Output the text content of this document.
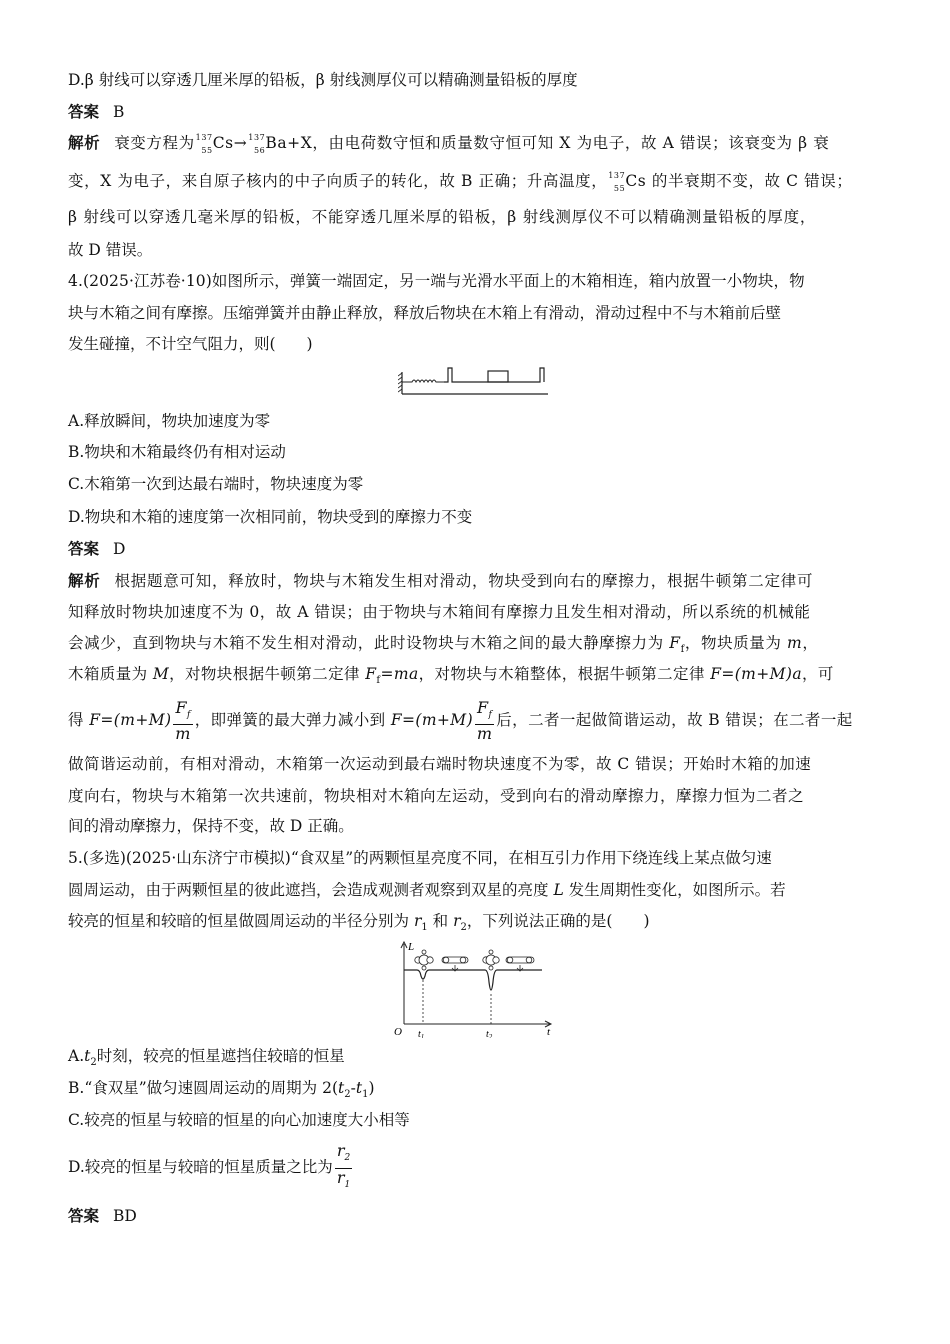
D.β 射线可以穿透几厘米厚的铅板，β 射线测厚仪可以精确测量铅板的厚度
答案 B
解析 衰变方程为 137
55 Cs→ 137
56 Ba+X，由电荷数守恒和质量数守恒可知 X 为电子，故 A 错误；该衰变为 β 衰
变，X 为电子，来自原子核内的中子向质子的转化，故 B 正确；升高温度， 137
55 Cs 的半衰期不变，故 C 错误；
β 射线可以穿透几毫米厚的铅板，不能穿透几厘米厚的铅板，β 射线测厚仪不可以精确测量铅板的厚度，
故 D 错误。
4.(2025·江苏卷·10)如图所示，弹簧一端固定，另一端与光滑水平面上的木箱相连，箱内放置一小物块，物
块与木箱之间有摩擦。压缩弹簧并由静止释放，释放后物块在木箱上有滑动，滑动过程中不与木箱前后壁
发生碰撞，不计空气阻力，则(　　)
A.释放瞬间，物块加速度为零
B.物块和木箱最终仍有相对运动
C.木箱第一次到达最右端时，物块速度为零
D.物块和木箱的速度第一次相同前，物块受到的摩擦力不变
答案 D
解析 根据题意可知，释放时，物块与木箱发生相对滑动，物块受到向右的摩擦力，根据牛顿第二定律可
知释放时物块加速度不为 0，故 A 错误；由于物块与木箱间有摩擦力且发生相对滑动，所以系统的机械能
会减少，直到物块与木箱不发生相对滑动，此时设物块与木箱之间的最大静摩擦力为 $F_f$，物块质量为 m，
木箱质量为 M，对物块根据牛顿第二定律 $F_f=ma$，对物块与木箱整体，根据牛顿第二定律 F=(m+M)a，可
得 $F=(m+M) \frac{F_f}{m}$ ，即弹簧的最大弹力减小到 $F=(m+M) \frac{F_f}{m}$ 后，二者一起做简谐运动，故 B 错误；在二者一起
做简谐运动前，有相对滑动，木箱第一次运动到最右端时物块速度不为零，故 C 错误；开始时木箱的加速
度向右，物块与木箱第一次共速前，物块相对木箱向左运动，受到向右的滑动摩擦力，摩擦力恒为二者之
间的滑动摩擦力，保持不变，故 D 正确。
5.(多选)(2025·山东济宁市模拟)“食双星”的两颗恒星亮度不同，在相互引力作用下绕连线上某点做匀速
圆周运动，由于两颗恒星的彼此遮挡，会造成观测者观察到双星的亮度 L 发生周期性变化，如图所示。若
较亮的恒星和较暗的恒星做圆周运动的半径分别为 $r_1$ 和 $r_2$，下列说法正确的是(　　)
L
O	t
$t_1$	$t_2$
$A.t_2$时刻，较亮的恒星遮挡住较暗的恒星
B.“食双星”做匀速圆周运动的周期为 $2(t_2-t_1)$
C.较亮的恒星与较暗的恒星的向心加速度大小相等
D.较亮的恒星与较暗的恒星质量之比为 $\frac{r_2}{r_1}$
答案 BD
